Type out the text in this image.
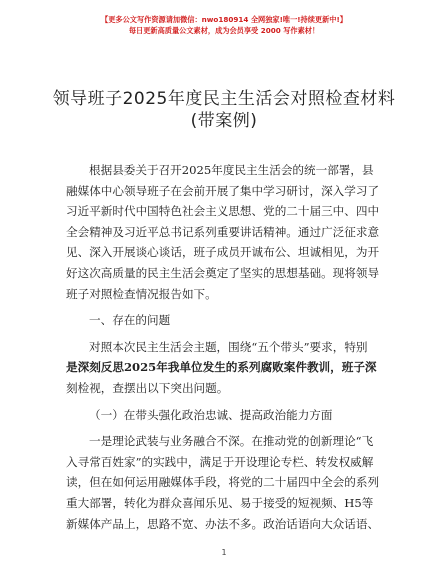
【更多公文写作资源请加微信：nwo180914 全网独家!唯一!持续更新中!】
每日更新高质量公文素材，成为会员享受 2000 写作素材！
领导班子2025年度民主生活会对照检查材料
(带案例)
根据县委关于召开2025年度民主生活会的统一部署，县
融媒体中心领导班子在会前开展了集中学习研讨，深入学习了
习近平新时代中国特色社会主义思想、党的二十届三中、四中
全会精神及习近平总书记系列重要讲话精神。通过广泛征求意
见、深入开展谈心谈话，班子成员开诚布公、坦诚相见，为开
好这次高质量的民主生活会奠定了坚实的思想基础。现将领导
班子对照检查情况报告如下。
一、存在的问题
对照本次民主生活会主题，围绕“五个带头”要求，特别
是深刻反思2025年我单位发生的系列腐败案件教训，班子深
刻检视，查摆出以下突出问题。
（一）在带头强化政治忠诚、提高政治能力方面
一是理论武装与业务融合不深。在推动党的创新理论“飞
入寻常百姓家”的实践中，满足于开设理论专栏、转发权威解
读，但在如何运用融媒体手段，将党的二十届四中全会的系列
重大部署，转化为群众喜闻乐见、易于接受的短视频、H5等
新媒体产品上，思路不宽、办法不多。政治话语向大众话语、
1
